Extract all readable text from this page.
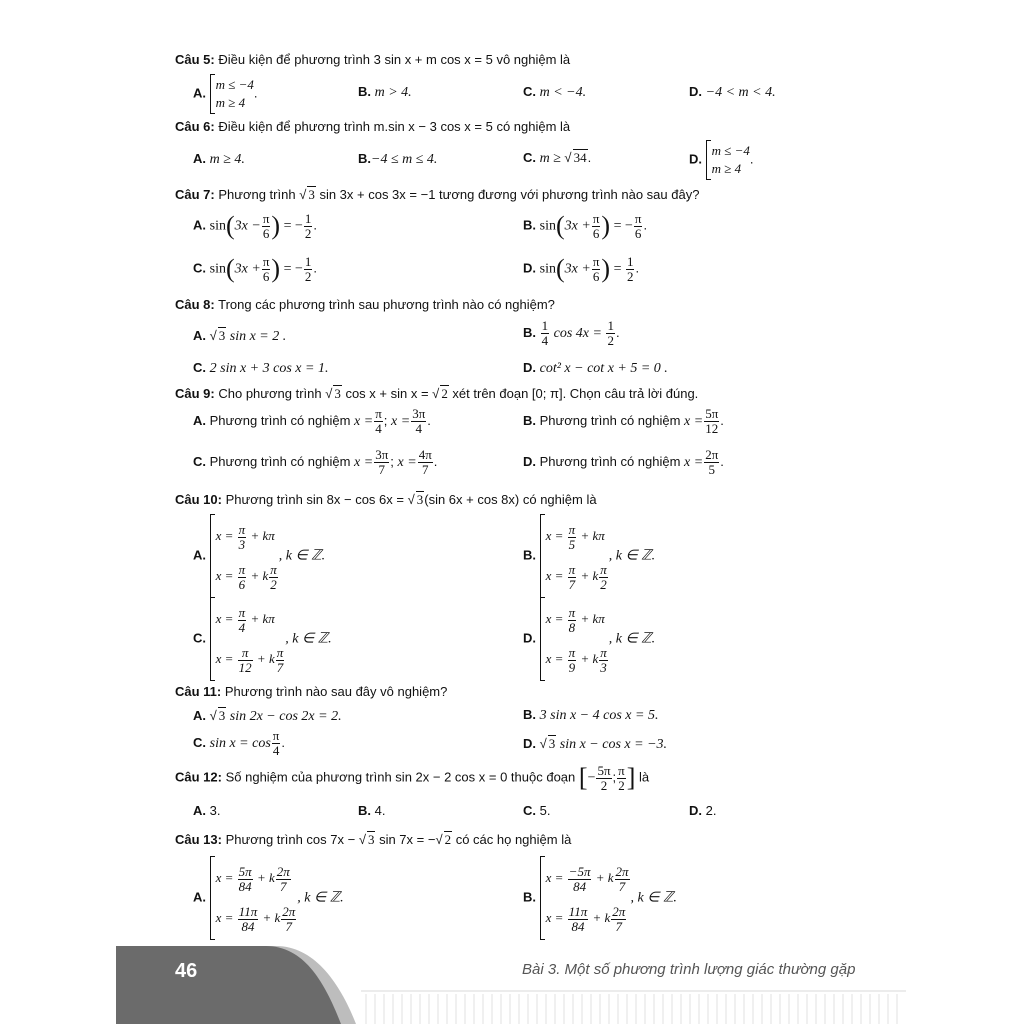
Câu 5: Điều kiện để phương trình 3 sin x + m cos x = 5 vô nghiệm là
A.
m ≤ −4
m ≥ 4
.	B. m > 4.	C. m < −4.	D. −4 < m < 4.
Câu 6: Điều kiện để phương trình m.sin x − 3 cos x = 5 có nghiệm là
A. m ≥ 4.	B.−4 ≤ m ≤ 4.	C. m ≥ √ 34.	D.
m ≤ −4
m ≥ 4
.
Câu 7: Phương trình √ 3 sin 3x + cos 3x = −1 tương đương với phương trình nào sau đây?
A. $\sin(3x - \frac{\pi}{6}$ ) = − $\frac{1}{2}$ .	B. $\sin(3x + \frac{\pi}{6}$ ) = − $\frac{\pi}{6}$ .
C. $\sin(3x + \frac{\pi}{6}$ ) = − $\frac{1}{2}$ .	D. $\sin(3x + \frac{\pi}{6}$ ) = $\frac{1}{2}$ .
Câu 8: Trong các phương trình sau phương trình nào có nghiệm?
A. √ 3 sin x = 2 .	B. $\frac{1}{4}$ $\cos 4x = \frac{1}{2}$ .
C. 2 sin x + 3 cos x = 1.	D. cot² x − cot x + 5 = 0 .
Câu 9: Cho phương trình √ 3 cos x + sin x = √ 2 xét trên đoạn [0; π]. Chọn câu trả lời đúng.
A. Phương trình có nghiệm $x = \frac{\pi}{4}$ ; $x = \frac{3\pi}{4}$ .	B. Phương trình có nghiệm $x = \frac{5\pi}{12}$ .
C. Phương trình có nghiệm $x = \frac{3\pi}{7}$ ; $x = \frac{4\pi}{7}$ .	D. Phương trình có nghiệm $x = \frac{2\pi}{5}$ .
Câu 10: Phương trình sin 8x − cos 6x = √ 3(sin 6x + cos 8x) có nghiệm là
A.
$x = \frac{\pi}{3} + k\pi$
$x = \frac{\pi}{6} + k \frac{\pi}{2}$
, k ∈ ℤ.	B.
$x = \frac{\pi}{5} + k\pi$
$x = \frac{\pi}{7} + k \frac{\pi}{2}$
, k ∈ ℤ.
C.
$x = \frac{\pi}{4} + k\pi$
$x = \frac{\pi}{12} + k \frac{\pi}{7}$
, k ∈ ℤ.	D.
$x = \frac{\pi}{8} + k\pi$
$x = \frac{\pi}{9} + k \frac{\pi}{3}$
, k ∈ ℤ.
Câu 11: Phương trình nào sau đây vô nghiệm?
A. √ 3 sin 2x − cos 2x = 2.	B. 3 sin x − 4 cos x = 5.
C. $\sin x = \cos \frac{\pi}{4}$ .	D. √ 3 sin x − cos x = −3.
Câu 12: Số nghiệm của phương trình sin 2x − 2 cos x = 0 thuộc đoạn [− $\frac{5\pi}{2}$ ; $\frac{\pi}{2}$ ] là
A. 3.	B. 4.	C. 5.	D. 2.
Câu 13: Phương trình cos 7x − √ 3 sin 7x = −√ 2 có các họ nghiệm là
A.
$x = \frac{5\pi}{84} + k \frac{2\pi}{7}$
$x = \frac{11\pi}{84} + k \frac{2\pi}{7}$
, k ∈ ℤ.	B.
$x = \frac{-5\pi}{84} + k \frac{2\pi}{7}$
$x = \frac{11\pi}{84} + k \frac{2\pi}{7}$
, k ∈ ℤ.
46	Bài 3. Một số phương trình lượng giác thường gặp
